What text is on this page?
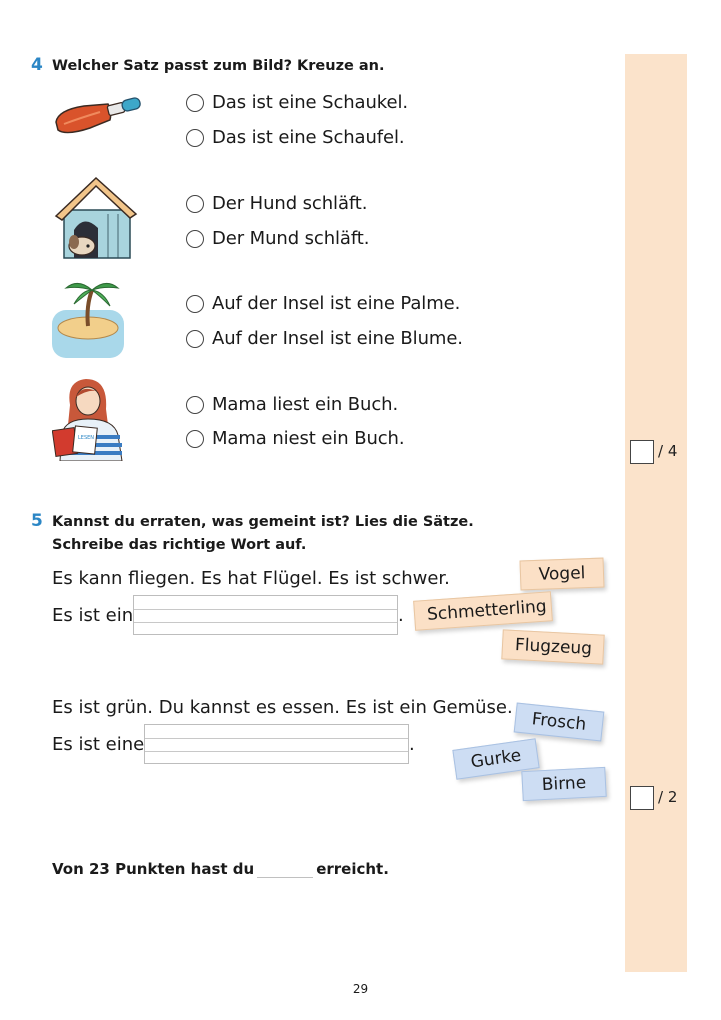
4 Welcher Satz passt zum Bild? Kreuze an.
Das ist eine Schaukel.
Das ist eine Schaufel.
Der Hund schläft.
Der Mund schläft.
Auf der Insel ist eine Palme.
Auf der Insel ist eine Blume.
LESEN
Mama liest ein Buch.
Mama niest ein Buch.
/ 4
5 Kannst du erraten, was gemeint ist? Lies die Sätze.
Schreibe das richtige Wort auf.
Es kann fliegen. Es hat Flügel. Es ist schwer.
Es ist ein	.
Vogel
Schmetterling
Flugzeug
Es ist grün. Du kannst es essen. Es ist ein Gemüse.
Es ist eine	.
Frosch
Gurke
Birne
/ 2
Von 23 Punkten hast du	erreicht.
29
